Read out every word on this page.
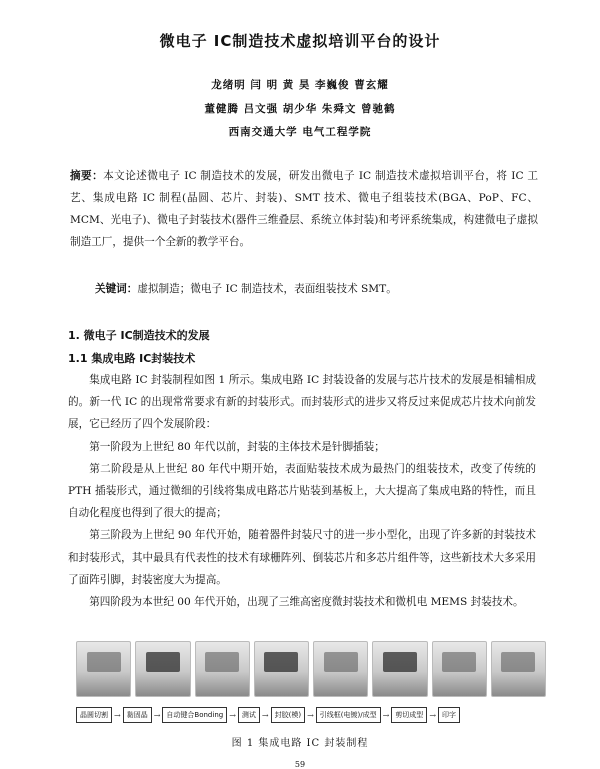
微电子 IC制造技术虚拟培训平台的设计
龙绪明 闫 明 黄 昊 李巍俊 曹玄耀
董健腾 吕文强 胡少华 朱舜文 曾驰鹤
西南交通大学 电气工程学院
摘要：本文论述微电子 IC 制造技术的发展，研发出微电子 IC 制造技术虚拟培训平台，将 IC 工艺、集成电路 IC 制程(晶圆、芯片、封装)、SMT 技术、微电子组装技术(BGA、PoP、FC、MCM、光电子)、微电子封装技术(器件三维叠层、系统立体封装)和考评系统集成，构建微电子虚拟制造工厂，提供一个全新的教学平台。
关键词：虚拟制造；微电子 IC 制造技术，表面组装技术 SMT。
1. 微电子 IC制造技术的发展
1.1 集成电路 IC封装技术

集成电路 IC 封装制程如图 1 所示。集成电路 IC 封装设备的发展与芯片技术的发展是相辅相成的。新一代 IC 的出现常常要求有新的封装形式。而封装形式的进步又将反过来促成芯片技术向前发展，它已经历了四个发展阶段：

第一阶段为上世纪 80 年代以前，封装的主体技术是针脚插装；

第二阶段是从上世纪 80 年代中期开始，表面贴装技术成为最热门的组装技术，改变了传统的 PTH 插装形式，通过微细的引线将集成电路芯片贴装到基板上，大大提高了集成电路的特性，而且自动化程度也得到了很大的提高；

第三阶段为上世纪 90 年代开始，随着器件封装尺寸的进一步小型化，出现了许多新的封装技术和封装形式，其中最具有代表性的技术有球栅阵列、倒装芯片和多芯片组件等，这些新技术大多采用了面阵引脚，封装密度大为提高。

第四阶段为本世纪 00 年代开始，出现了三维高密度微封装技术和微机电 MEMS 封装技术。

晶圆切割 → 黏固晶 → 自动键合Bonding → 测试 → 封胶(模) → 引线框(电镀)/成型 → 剪切成型 → 印字
图 1 集成电路 IC 封装制程
59
